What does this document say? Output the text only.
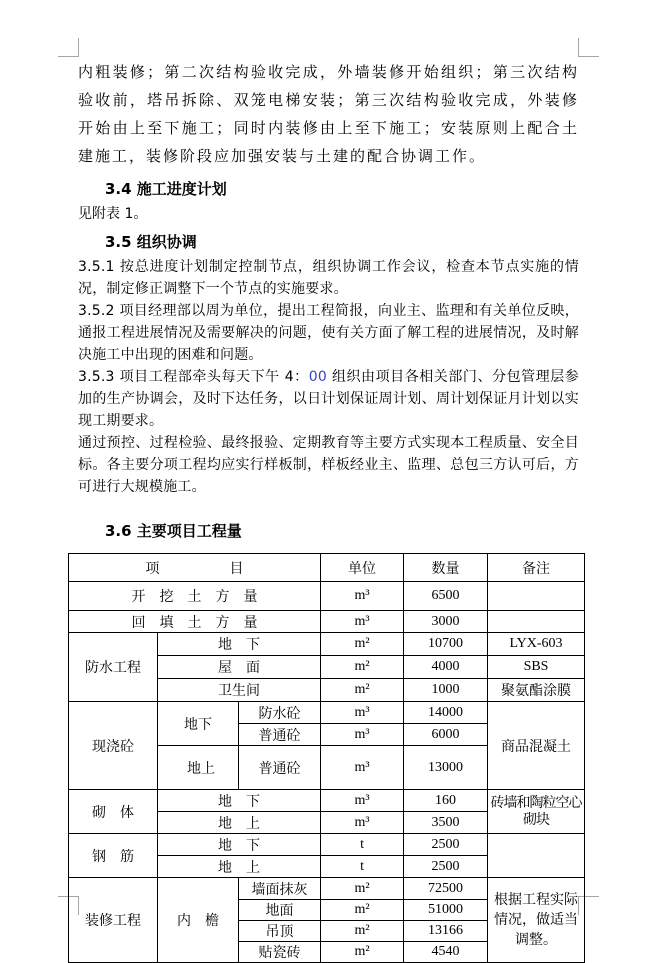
内粗装修；第二次结构验收完成，外墙装修开始组织；第三次结构验收前，塔吊拆除、双笼电梯安装；第三次结构验收完成，外装修开始由上至下施工；同时内装修由上至下施工；安装原则上配合土建施工，装修阶段应加强安装与土建的配合协调工作。

3.4 施工进度计划

见附表 1。

3.5 组织协调

3.5.1 按总进度计划制定控制节点，组织协调工作会议，检查本节点实施的情况，制定修正调整下一个节点的实施要求。

3.5.2 项目经理部以周为单位，提出工程简报，向业主、监理和有关单位反映，通报工程进展情况及需要解决的问题，使有关方面了解工程的进展情况，及时解决施工中出现的困难和问题。

3.5.3 项目工程部牵头每天下午 4：00 组织由项目各相关部门、分包管理层参加的生产协调会，及时下达任务，以日计划保证周计划、周计划保证月计划以实现工期要求。

通过预控、过程检验、最终报验、定期教育等主要方式实现本工程质量、安全目标。各主要分项工程均应实行样板制，样板经业主、监理、总包三方认可后，方可进行大规模施工。

3.6 主要项目工程量

项     目			单位	数量	备注
开 挖 土 方 量			m³	6500	
回 填 土 方 量			m³	3000	
防水工程	地　下		m²	10700	LYX-603
	屋　面		m²	4000	SBS
	卫生间		m²	1000	聚氨酯涂膜
现浇砼	地下	防水砼	m³	14000	商品混凝土
		普通砼	m³	6000	
	地上	普通砼	m³	13000	
砌　体	地　下		m³	160	砖墙和陶粒空心砌块
	地　上		m³	3500	
钢　筋	地　下		t	2500	
	地　上		t	2500	
装修工程	内　檐	墙面抹灰	m²	72500	根据工程实际情况，做适当调整。
		地面	m²	51000	
		吊顶	m²	13166	
		贴瓷砖	m²	4540	
